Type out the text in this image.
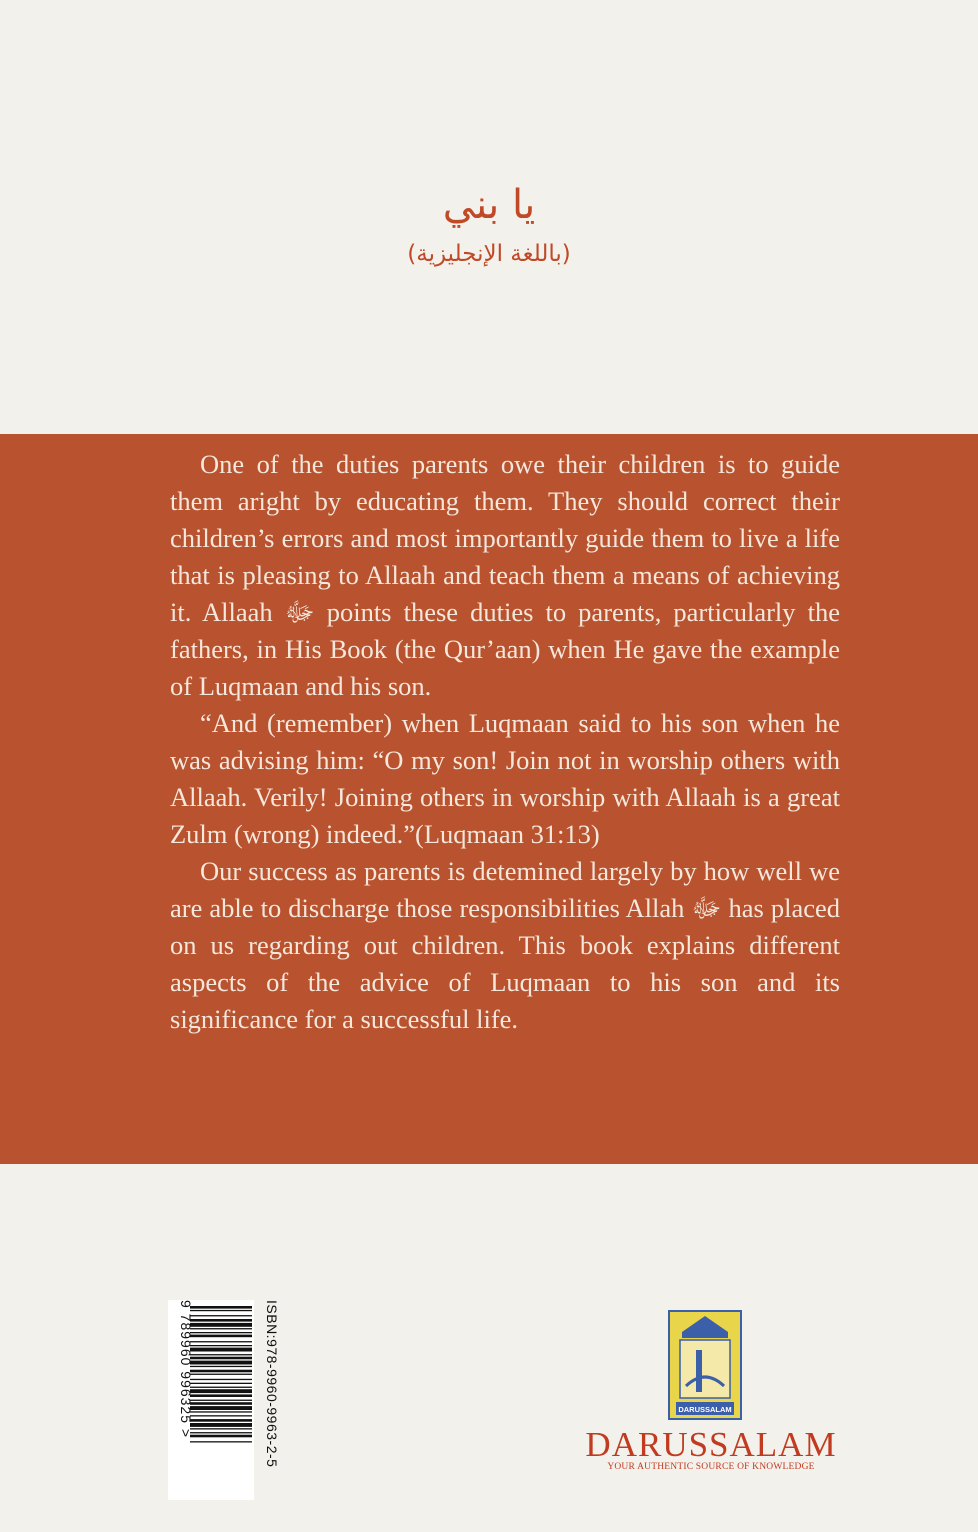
يا بني
(باللغة الإنجليزية)

One of the duties parents owe their children is to guide them aright by educating them. They should correct their children’s errors and most importantly guide them to live a life that is pleasing to Allaah and teach them a means of achieving it. Allaah ﷻ points these duties to parents, particularly the fathers, in His Book (the Qur’aan) when He gave the example of Luqmaan and his son.

“And (remember) when Luqmaan said to his son when he was advising him: “O my son! Join not in worship others with Allaah. Verily! Joining others in worship with Allaah is a great Zulm (wrong) indeed.”(Luqmaan 31:13)

Our success as parents is detemined largely by how well we are able to discharge those responsibilities Allah ﷻ has placed on us regarding out children. This book explains different aspects of the advice of Luqmaan to his son and its significance for a successful life.

9 789960 996325 >	ISBN:978-9960-9963-2-5	DARUSSALAM
DARUSSALAM
YOUR AUTHENTIC SOURCE OF KNOWLEDGE
